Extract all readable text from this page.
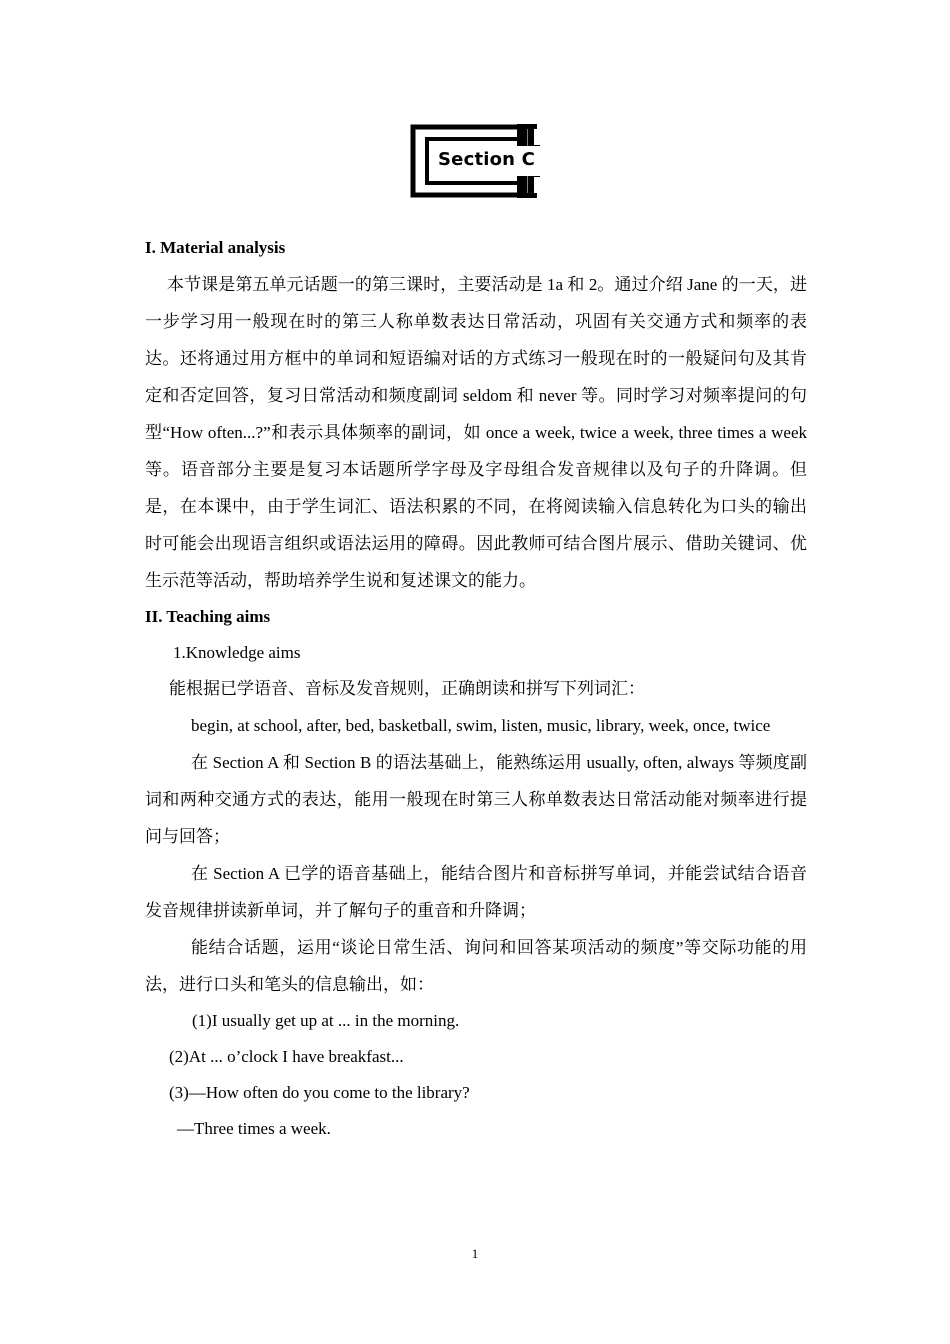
Section C
I. Material analysis

本节课是第五单元话题一的第三课时，主要活动是 1a 和 2。通过介绍 Jane 的一天，进一步学习用一般现在时的第三人称单数表达日常活动，巩固有关交通方式和频率的表达。还将通过用方框中的单词和短语编对话的方式练习一般现在时的一般疑问句及其肯定和否定回答，复习日常活动和频度副词 seldom 和 never 等。同时学习对频率提问的句型“How often...?”和表示具体频率的副词，如 once a week, twice a week, three times a week 等。语音部分主要是复习本话题所学字母及字母组合发音规律以及句子的升降调。但是，在本课中，由于学生词汇、语法积累的不同，在将阅读输入信息转化为口头的输出时可能会出现语言组织或语法运用的障碍。因此教师可结合图片展示、借助关键词、优生示范等活动，帮助培养学生说和复述课文的能力。

II. Teaching aims
1.Knowledge aims
能根据已学语音、音标及发音规则，正确朗读和拼写下列词汇：

begin, at school, after, bed, basketball, swim, listen, music, library, week, once, twice

在 Section A 和 Section B 的语法基础上，能熟练运用 usually, often, always 等频度副词和两种交通方式的表达，能用一般现在时第三人称单数表达日常活动能对频率进行提问与回答；

在 Section A 已学的语音基础上，能结合图片和音标拼写单词，并能尝试结合语音发音规律拼读新单词，并了解句子的重音和升降调；

能结合话题，运用“谈论日常生活、询问和回答某项活动的频度”等交际功能的用法，进行口头和笔头的信息输出，如：

(1)I usually get up at ... in the morning.
(2)At ... o’clock I have breakfast...
(3)—How often do you come to the library?
—Three times a week.
1
